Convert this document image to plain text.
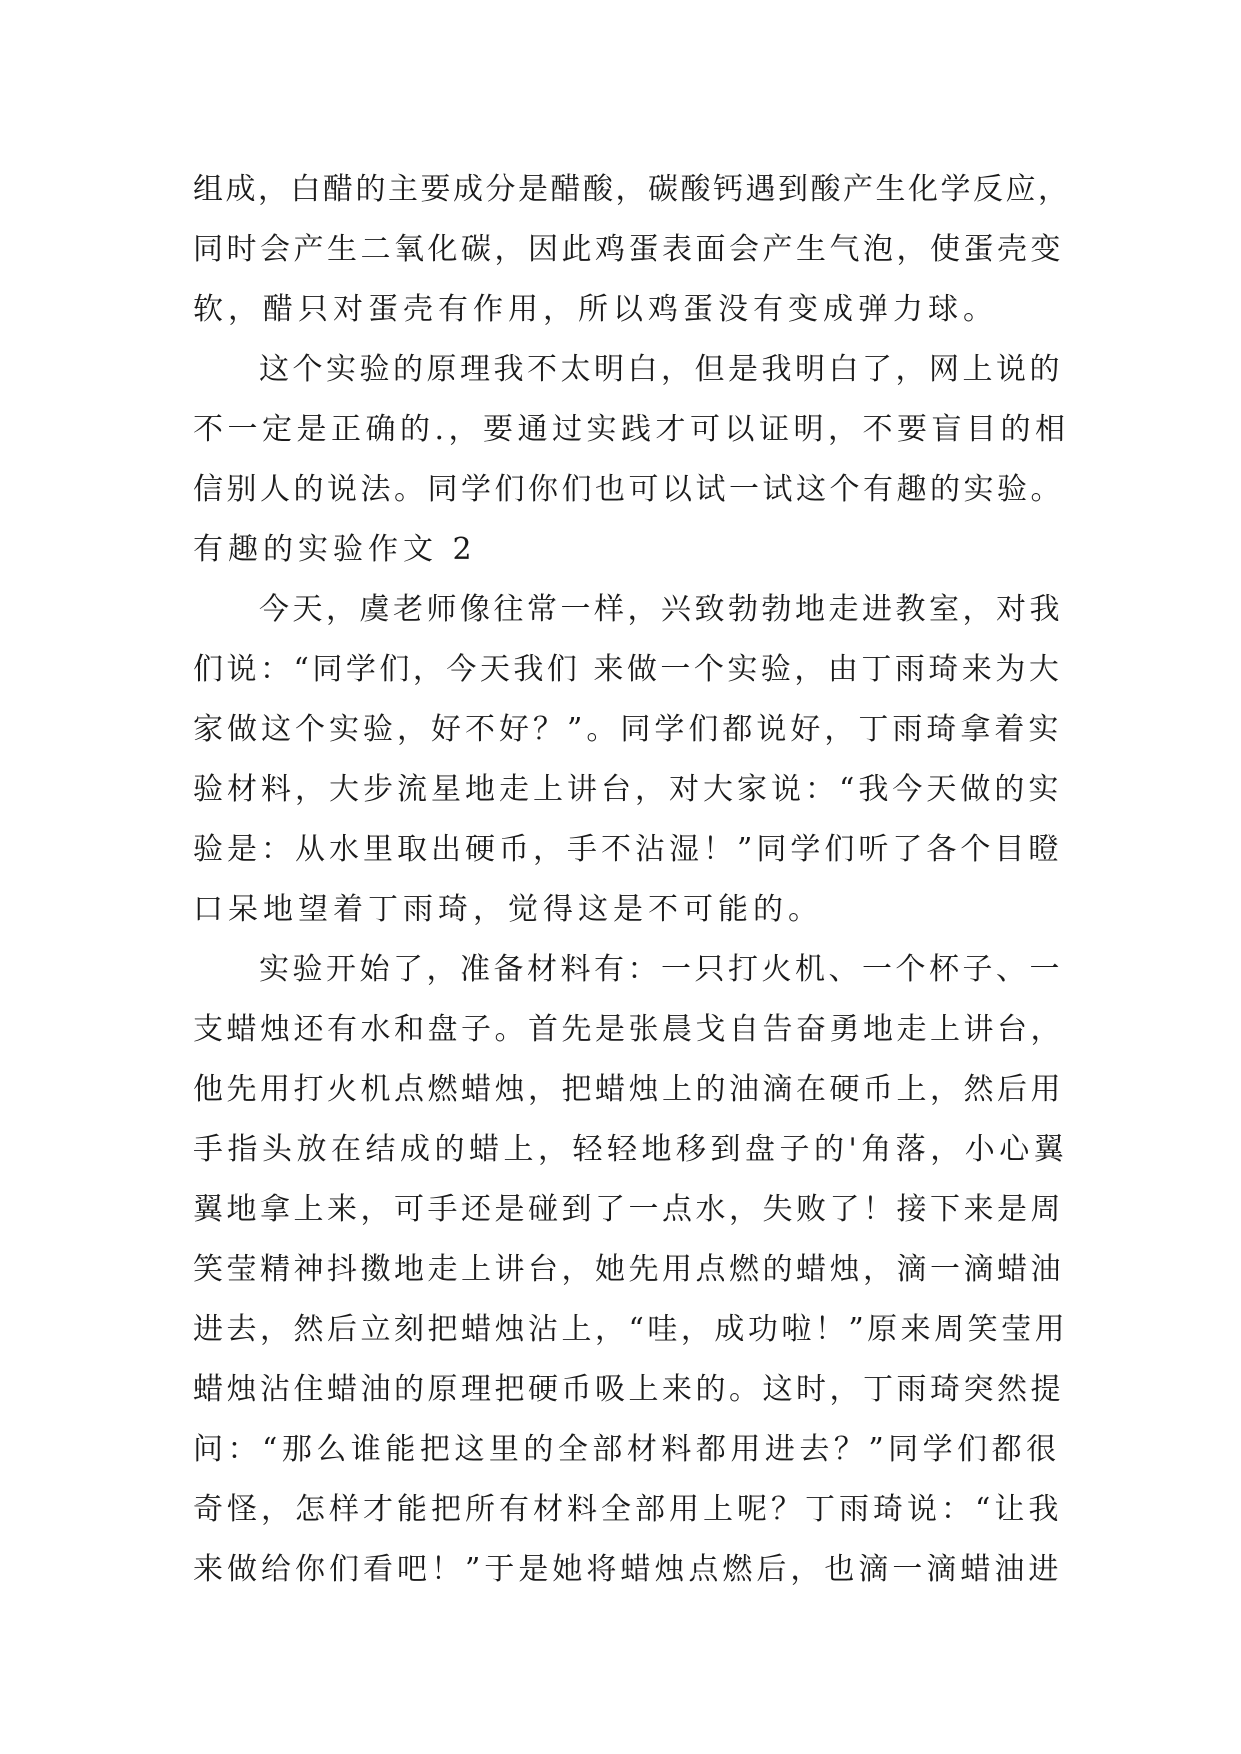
组成，白醋的主要成分是醋酸，碳酸钙遇到酸产生化学反应，
同时会产生二氧化碳，因此鸡蛋表面会产生气泡，使蛋壳变
软，醋只对蛋壳有作用，所以鸡蛋没有变成弹力球。
这个实验的原理我不太明白，但是我明白了，网上说的
不一定是正确的.，要通过实践才可以证明，不要盲目的相
信别人的说法。同学们你们也可以试一试这个有趣的实验。
有趣的实验作文 2
今天，虞老师像往常一样，兴致勃勃地走进教室，对我
们说：“同学们，今天我们 来做一个实验，由丁雨琦来为大
家做这个实验，好不好？”。同学们都说好，丁雨琦拿着实
验材料，大步流星地走上讲台，对大家说：“我今天做的实
验是：从水里取出硬币，手不沾湿！”同学们听了各个目瞪
口呆地望着丁雨琦，觉得这是不可能的。
实验开始了，准备材料有：一只打火机、一个杯子、一
支蜡烛还有水和盘子。首先是张晨戈自告奋勇地走上讲台，
他先用打火机点燃蜡烛，把蜡烛上的油滴在硬币上，然后用
手指头放在结成的蜡上，轻轻地移到盘子的'角落，小心翼
翼地拿上来，可手还是碰到了一点水，失败了！接下来是周
笑莹精神抖擞地走上讲台，她先用点燃的蜡烛，滴一滴蜡油
进去，然后立刻把蜡烛沾上，“哇，成功啦！”原来周笑莹用
蜡烛沾住蜡油的原理把硬币吸上来的。这时，丁雨琦突然提
问：“那么谁能把这里的全部材料都用进去？”同学们都很
奇怪，怎样才能把所有材料全部用上呢？丁雨琦说：“让我
来做给你们看吧！”于是她将蜡烛点燃后，也滴一滴蜡油进
